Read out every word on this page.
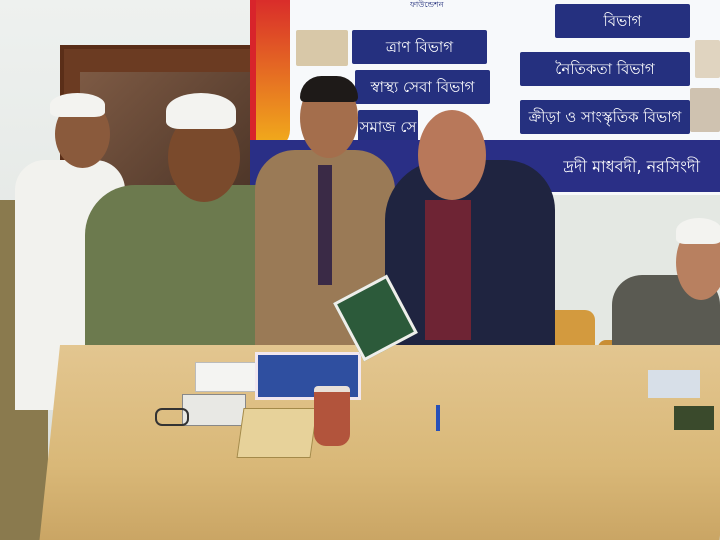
ফাউন্ডেশন
ত্রাণ বিভাগ
স্বাস্থ্য সেবা বিভাগ
সমাজ সে
বিভাগ
নৈতিকতা বিভাগ
ক্রীড়া ও সাংস্কৃতিক বিভাগ
দ্রদী মাধবদী, নরসিংদী
